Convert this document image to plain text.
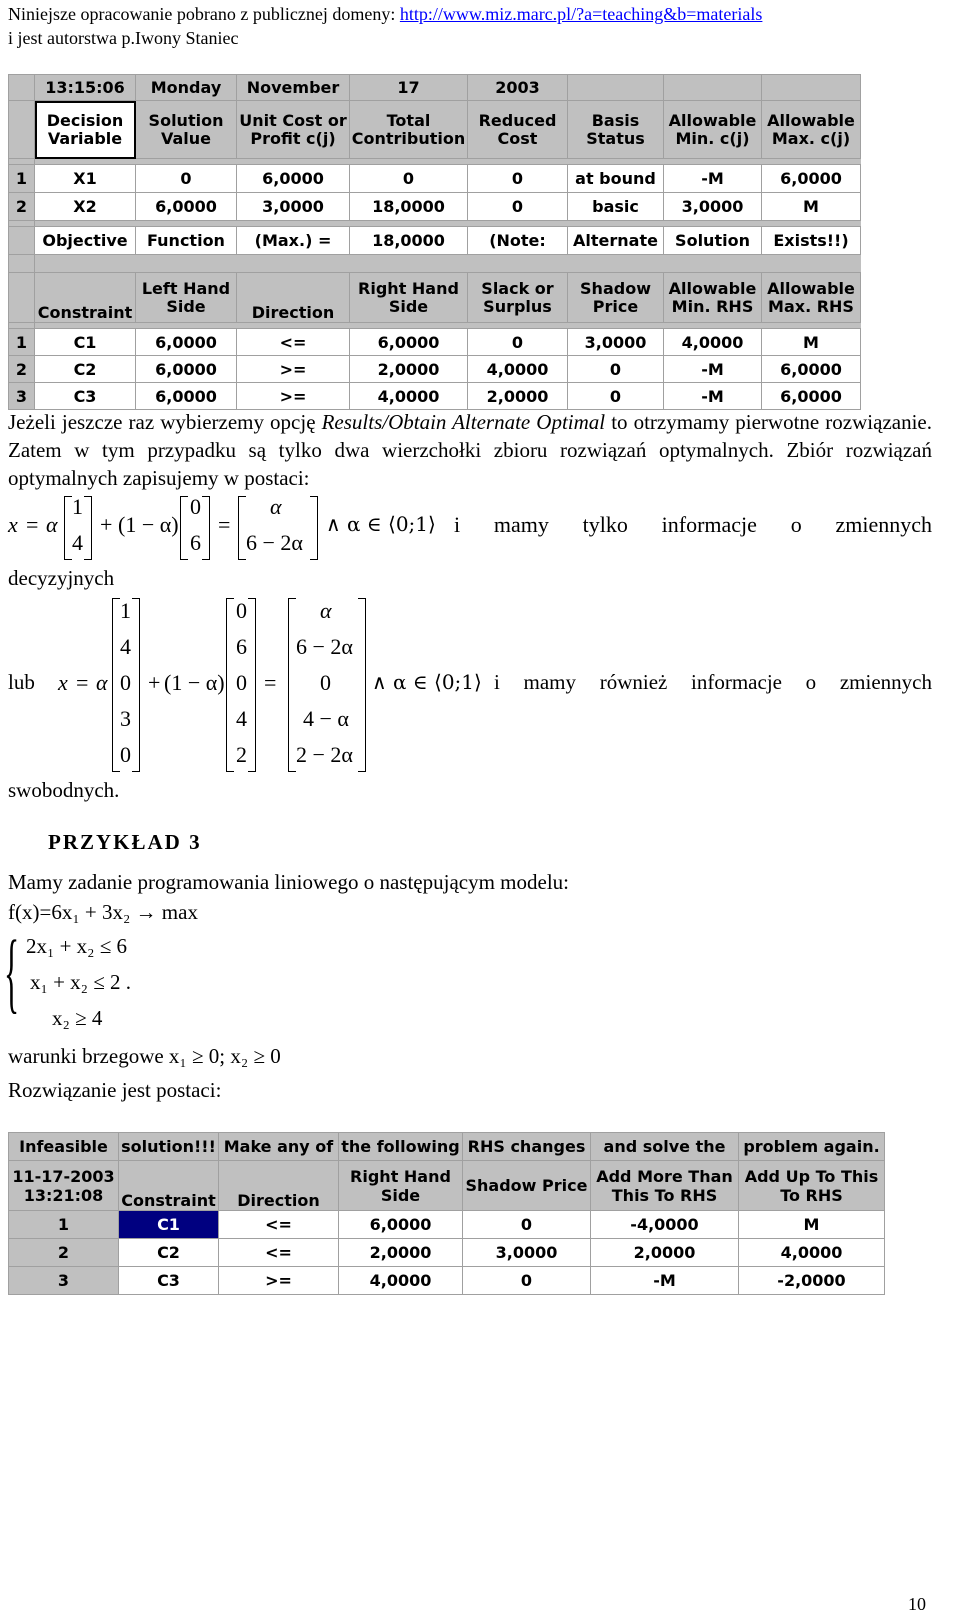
Niniejsze opracowanie pobrano z publicznej domeny: http://www.miz.marc.pl/?a=teaching&b=materials
i jest autorstwa p.Iwony Staniec
	13:15:06	Monday	November	17	2003			
	Decision Variable	Solution Value	Unit Cost or Profit c(j)	Total Contribution	Reduced Cost	Basis Status	Allowable Min. c(j)	Allowable Max. c(j)

1	X1	0	6,0000	0	0	at bound	-M	6,0000
2	X2	6,0000	3,0000	18,0000	0	basic	3,0000	M

	Objective	Function	(Max.) =	18,0000	(Note:	Alternate	Solution	Exists!!)

	Constraint	Left Hand Side	Direction	Right Hand Side	Slack or Surplus	Shadow Price	Allowable Min. RHS	Allowable Max. RHS

1	C1	6,0000	<=	6,0000	0	3,0000	4,0000	M
2	C2	6,0000	>=	2,0000	4,0000	0	-M	6,0000
3	C3	6,0000	>=	4,0000	2,0000	0	-M	6,0000
Jeżeli jeszcze raz wybierzemy opcję Results/Obtain Alternate Optimal to otrzymamy pierwotne rozwiązanie. Zatem w tym przypadku są tylko dwa wierzchołki zbioru rozwiązań optymalnych. Zbiór rozwiązań optymalnych zapisujemy w postaci:
x = α
1
4
+ (1 − α)
0
6
=
α
6 − 2α
∧ α ∈ ⟨0;1⟩ i mamy tylko informacje o zmiennych
decyzyjnych
lub x = α
1
4
0
3
0
+ (1 − α)
0
6
0
4
2
=
α
6 − 2α
0
4 − α
2 − 2α
∧ α ∈ ⟨0;1⟩ i mamy również informacje o zmiennych
swobodnych.
PRZYKŁAD 3
Mamy zadanie programowania liniowego o następującym modelu:
f(x)=6x₁ + 3x₂ → max
{ 2x₁ + x₂ ≤ 6
x₁ + x₂ ≤ 2 .
x₂ ≥ 4
warunki brzegowe x₁ ≥ 0; x₂ ≥ 0
Rozwiązanie jest postaci:
Infeasible	solution!!!	Make any of	the following	RHS changes	and solve the	problem again.
11-17-2003 13:21:08	Constraint	Direction	Right Hand Side	Shadow Price	Add More Than This To RHS	Add Up To This To RHS
1	C1	<=	6,0000	0	-4,0000	M
2	C2	<=	2,0000	3,0000	2,0000	4,0000
3	C3	>=	4,0000	0	-M	-2,0000
10
